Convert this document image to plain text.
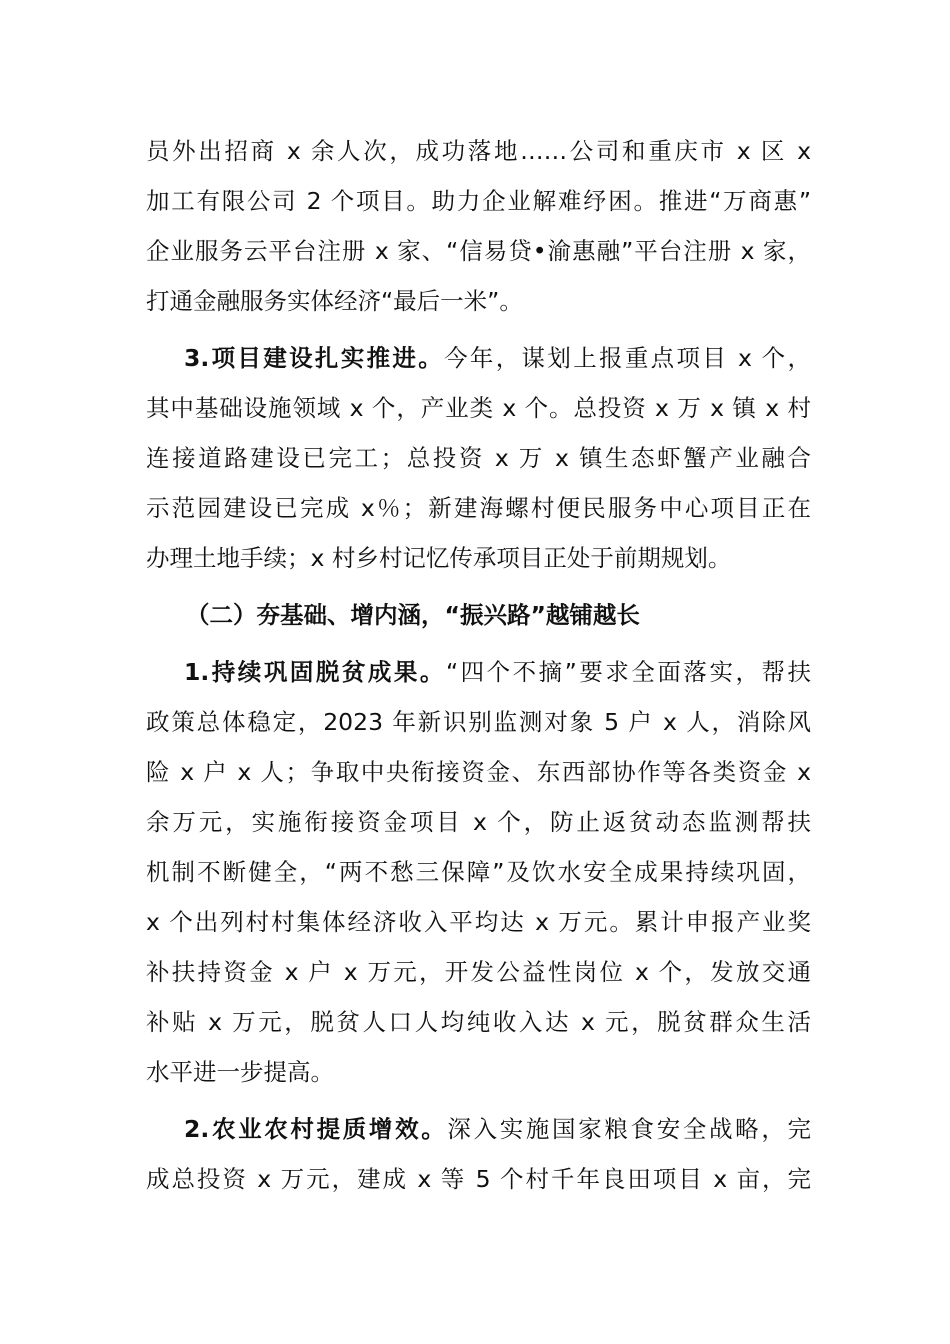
员外出招商 x 余人次，成功落地……公司和重庆市 x 区 x
加工有限公司 2 个项目。助力企业解难纾困。推进“万商惠”
企业服务云平台注册 x 家、“信易贷•渝惠融”平台注册 x 家，
打通金融服务实体经济“最后一米”。
3.项目建设扎实推进。今年，谋划上报重点项目 x 个，
其中基础设施领域 x 个，产业类 x 个。总投资 x 万 x 镇 x 村
连接道路建设已完工；总投资 x 万 x 镇生态虾蟹产业融合
示范园建设已完成 x％；新建海螺村便民服务中心项目正在
办理土地手续；x 村乡村记忆传承项目正处于前期规划。
（二）夯基础、增内涵，“振兴路”越铺越长
1.持续巩固脱贫成果。“四个不摘”要求全面落实，帮扶
政策总体稳定，2023 年新识别监测对象 5 户 x 人，消除风
险 x 户 x 人；争取中央衔接资金、东西部协作等各类资金 x
余万元，实施衔接资金项目 x 个，防止返贫动态监测帮扶
机制不断健全，“两不愁三保障”及饮水安全成果持续巩固，
x 个出列村村集体经济收入平均达 x 万元。累计申报产业奖
补扶持资金 x 户 x 万元，开发公益性岗位 x 个，发放交通
补贴 x 万元，脱贫人口人均纯收入达 x 元，脱贫群众生活
水平进一步提高。
2.农业农村提质增效。深入实施国家粮食安全战略，完
成总投资 x 万元，建成 x 等 5 个村千年良田项目 x 亩，完
